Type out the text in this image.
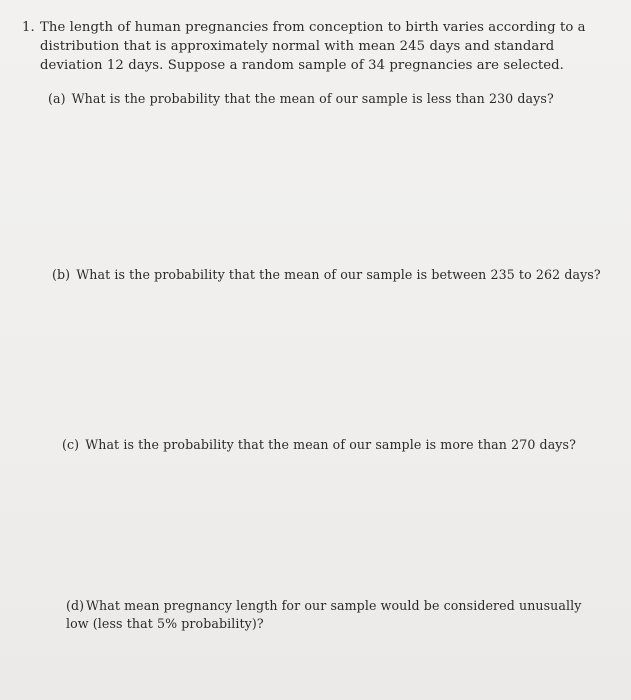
1. The length of human pregnancies from conception to birth varies according to a distribution that is approximately normal with mean 245 days and standard deviation 12 days. Suppose a random sample of 34 pregnancies are selected.
(a) What is the probability that the mean of our sample is less than 230 days?
(b) What is the probability that the mean of our sample is between 235 to 262 days?
(c) What is the probability that the mean of our sample is more than 270 days?
(d) What mean pregnancy length for our sample would be considered unusually low (less that 5% probability)?
